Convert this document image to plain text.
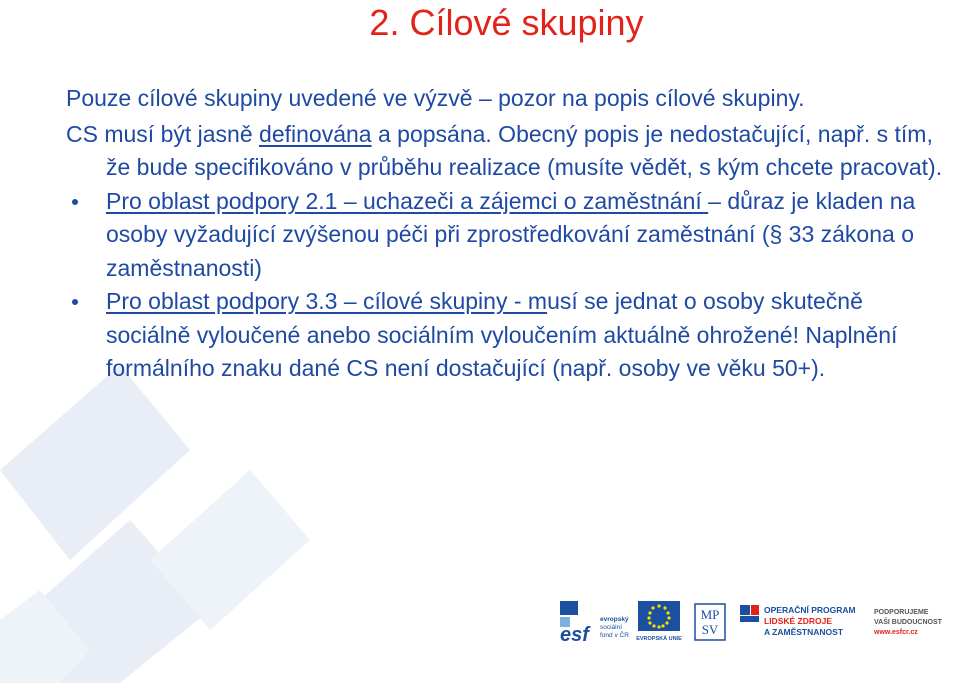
2. Cílové skupiny

Pouze cílové skupiny uvedené ve výzvě – pozor na popis cílové skupiny.

CS musí být jasně definována a popsána. Obecný popis je nedostačující, např. s tím, že bude specifikováno v průběhu realizace (musíte vědět, s kým chcete pracovat).

Pro oblast podpory 2.1 – uchazeči a zájemci o zaměstnání – důraz je kladen na osoby vyžadující zvýšenou péči při zprostředkování zaměstnání (§ 33 zákona o zaměstnanosti)
Pro oblast podpory 3.3 – cílové skupiny - musí se jednat o osoby skutečně sociálně vyloučené anebo sociálním vyloučením aktuálně ohrožené! Naplnění formálního znaku dané CS není dostačující (např. osoby ve věku 50+).
esf
evropský
sociální
fond v ČR EVROPSKÁ UNIE
MP
SV
OPERAČNÍ PROGRAM
LIDSKÉ ZDROJE
A ZAMĚSTNANOST
PODPORUJEME
VAŠI BUDOUCNOST
www.esfcr.cz
